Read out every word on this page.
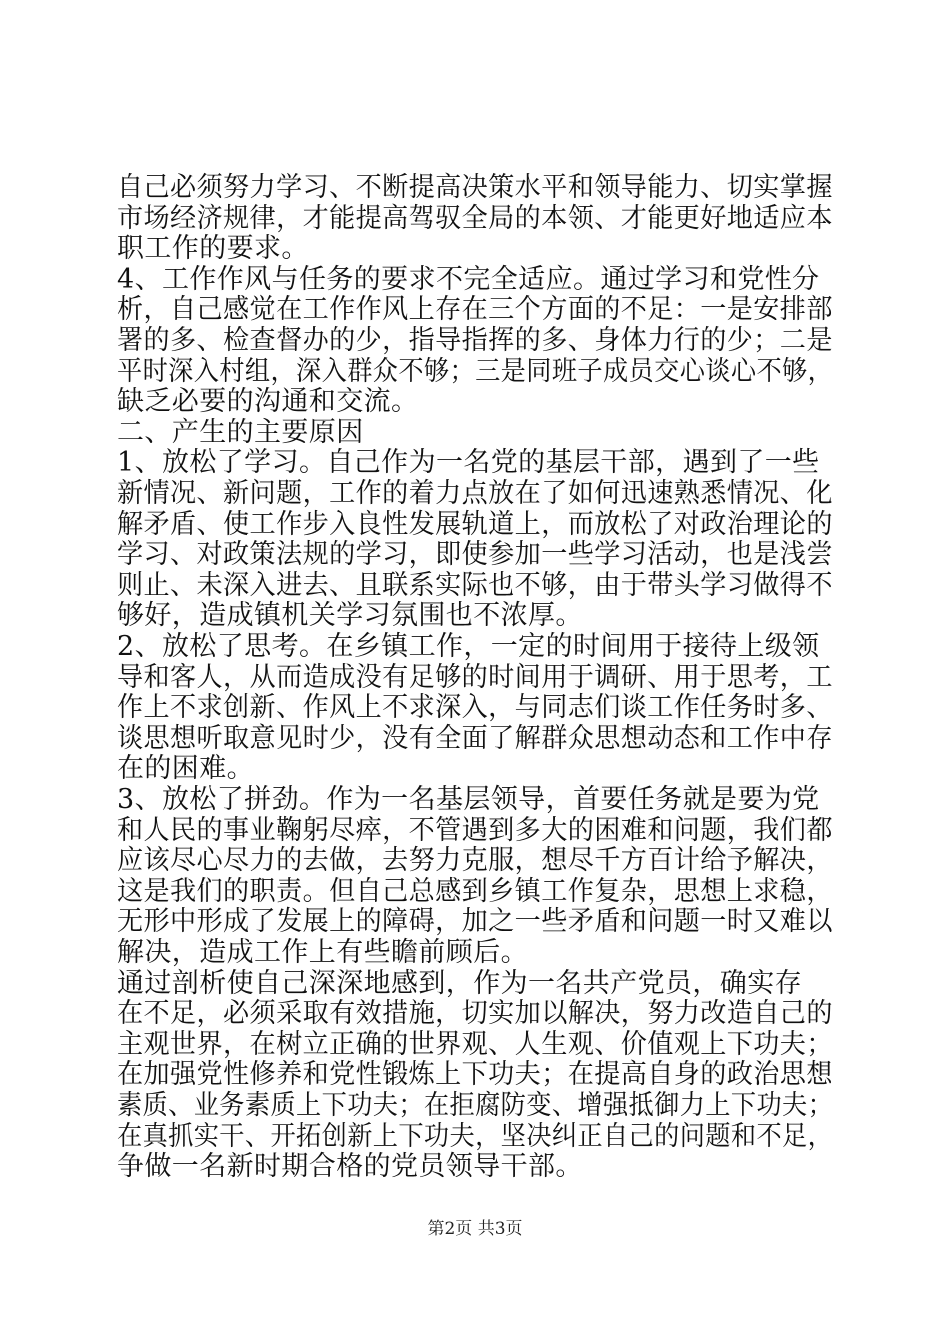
自己必须努力学习、不断提高决策水平和领导能力、切实掌握
市场经济规律，才能提高驾驭全局的本领、才能更好地适应本
职工作的要求。
4、工作作风与任务的要求不完全适应。通过学习和党性分
析，自己感觉在工作作风上存在三个方面的不足：一是安排部
署的多、检查督办的少，指导指挥的多、身体力行的少；二是
平时深入村组，深入群众不够；三是同班子成员交心谈心不够，
缺乏必要的沟通和交流。
二、产生的主要原因
1、放松了学习。自己作为一名党的基层干部，遇到了一些
新情况、新问题，工作的着力点放在了如何迅速熟悉情况、化
解矛盾、使工作步入良性发展轨道上，而放松了对政治理论的
学习、对政策法规的学习，即使参加一些学习活动，也是浅尝
则止、未深入进去、且联系实际也不够，由于带头学习做得不
够好，造成镇机关学习氛围也不浓厚。
2、放松了思考。在乡镇工作，一定的时间用于接待上级领
导和客人，从而造成没有足够的时间用于调研、用于思考，工
作上不求创新、作风上不求深入，与同志们谈工作任务时多、
谈思想听取意见时少，没有全面了解群众思想动态和工作中存
在的困难。
3、放松了拼劲。作为一名基层领导，首要任务就是要为党
和人民的事业鞠躬尽瘁，不管遇到多大的困难和问题，我们都
应该尽心尽力的去做，去努力克服，想尽千方百计给予解决，
这是我们的职责。但自己总感到乡镇工作复杂，思想上求稳，
无形中形成了发展上的障碍，加之一些矛盾和问题一时又难以
解决，造成工作上有些瞻前顾后。
通过剖析使自己深深地感到，作为一名共产党员，确实存
在不足，必须采取有效措施，切实加以解决，努力改造自己的
主观世界，在树立正确的世界观、人生观、价值观上下功夫；
在加强党性修养和党性锻炼上下功夫；在提高自身的政治思想
素质、业务素质上下功夫；在拒腐防变、增强抵御力上下功夫；
在真抓实干、开拓创新上下功夫，坚决纠正自己的问题和不足，
争做一名新时期合格的党员领导干部。
第2页 共3页
